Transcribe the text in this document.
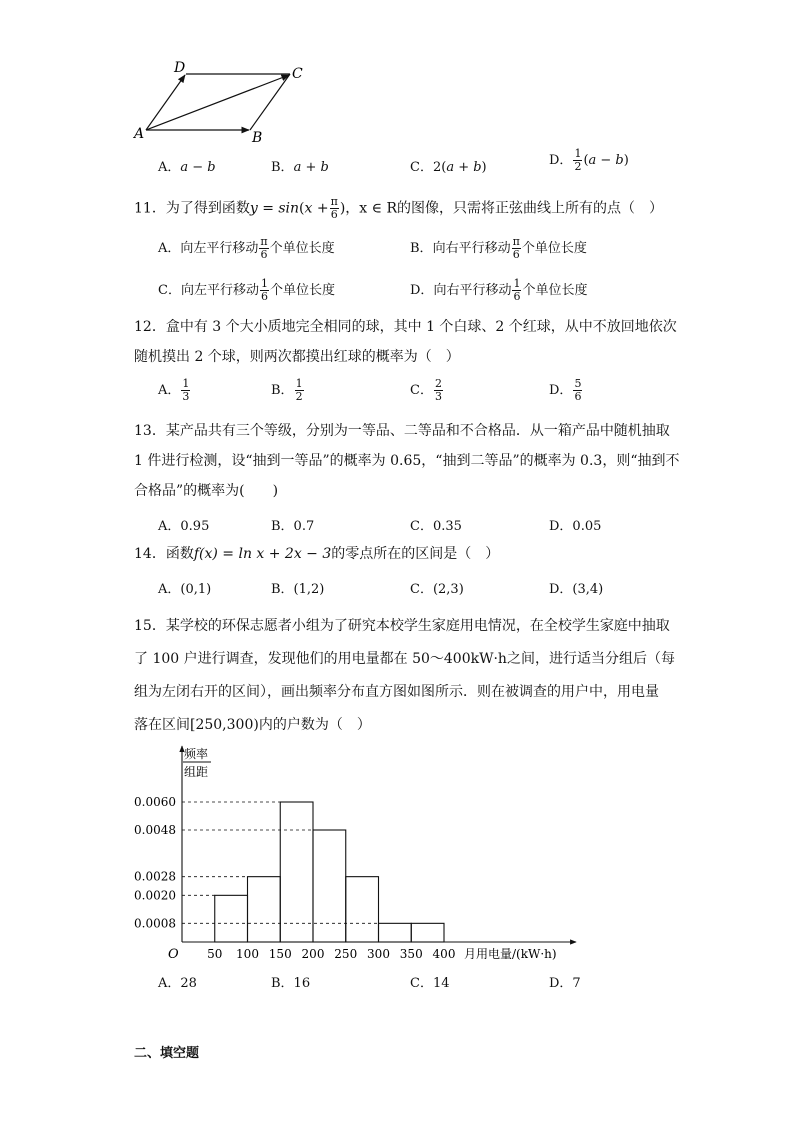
A	B
C
D
A．a − b	B．a + b	C．2(a + b)	D． $\frac{1}{2} (a - b)$
11．为了得到函数$y = \sin(x + \frac{\pi}{6}$ )，x ∈ R的图像，只需将正弦曲线上所有的点（　）
A．向左平行移动 $\frac{\pi}{6}$ 个单位长度	B．向右平行移动 $\frac{\pi}{6}$ 个单位长度
C．向左平行移动 $\frac{1}{6}$ 个单位长度	D．向右平行移动 $\frac{1}{6}$ 个单位长度
12．盒中有 3 个大小质地完全相同的球，其中 1 个白球、2 个红球，从中不放回地依次
随机摸出 2 个球，则两次都摸出红球的概率为（　）
A． $\frac{1}{3}$	B． $\frac{1}{2}$	C． $\frac{2}{3}$	D． $\frac{5}{6}$
13．某产品共有三个等级，分别为一等品、二等品和不合格品．从一箱产品中随机抽取
1 件进行检测，设“抽到一等品”的概率为 0.65，“抽到二等品”的概率为 0.3，则“抽到不
合格品”的概率为(　　)
A．0.95	B．0.7	C．0.35	D．0.05
14．函数f(x) = ln x + 2x − 3的零点所在的区间是（　）
A．(0,1)	B．(1,2)	C．(2,3)	D．(3,4)
15．某学校的环保志愿者小组为了研究本校学生家庭用电情况，在全校学生家庭中抽取
了 100 户进行调查，发现他们的用电量都在 50～400kW·h之间，进行适当分组后（每
组为左闭右开的区间），画出频率分布直方图如图所示．则在被调查的用户中，用电量
落在区间[250,300)内的户数为（　）
0.0060
0.0048
0.0028
0.0020
0.0008
50 100 150 200 250 300 350 400
O	月用电量/(kW·h)
频率
组距
A．28	B．16	C．14	D．7
二、填空题
